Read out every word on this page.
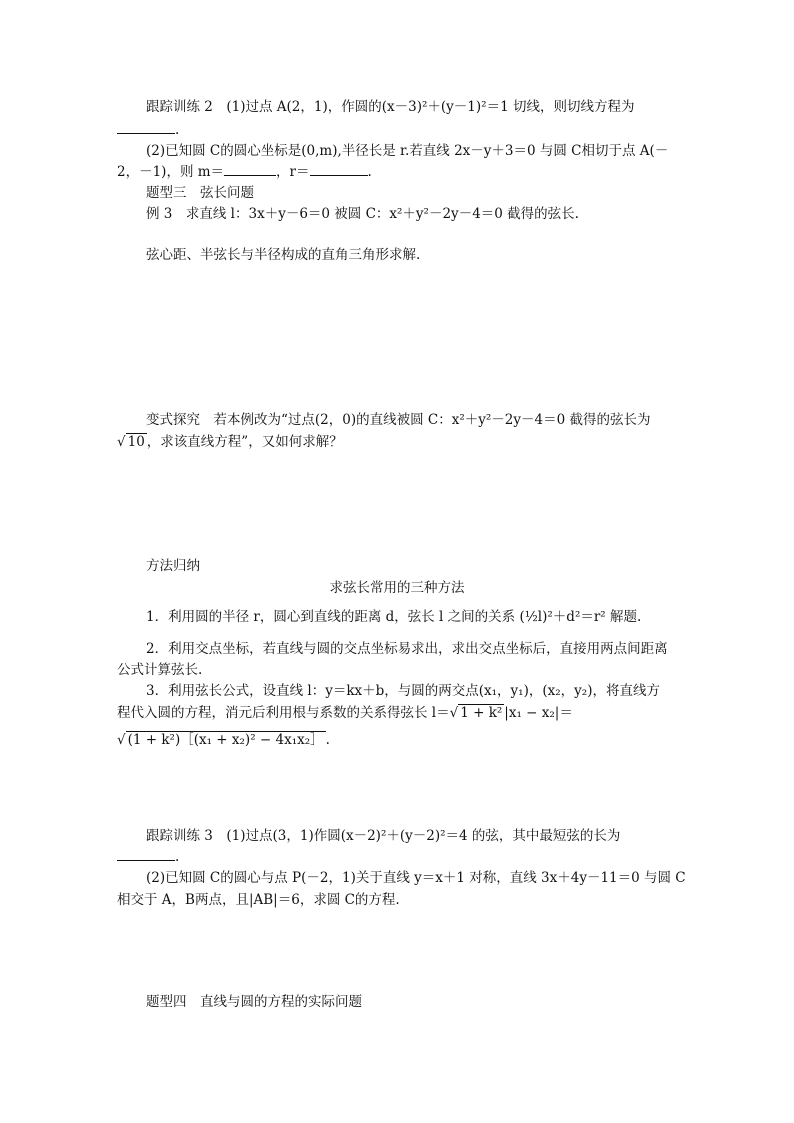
跟踪训练 2　(1)过点 A(2，1)，作圆的(x－3)²＋(y－1)²＝1 切线，则切线方程为
.
(2)已知圆 C的圆心坐标是(0,m),半径长是 r.若直线 2x－y＋3＝0 与圆 C相切于点 A(－
2，－1)，则 m＝	，r＝	.
题型三　弦长问题
例 3　求直线 l：3x＋y－6＝0 被圆 C：x²＋y²－2y－4＝0 截得的弦长.
弦心距、半弦长与半径构成的直角三角形求解.
变式探究　若本例改为“过点(2，0)的直线被圆 C：x²＋y²－2y－4＝0 截得的弦长为
√ 10 ，求该直线方程”，又如何求解？
方法归纳
求弦长常用的三种方法
1．利用圆的半径 r，圆心到直线的距离 d，弦长 l 之间的关系 (½l)²＋d²＝r² 解题.
2．利用交点坐标，若直线与圆的交点坐标易求出，求出交点坐标后，直接用两点间距离
公式计算弦长.
3．利用弦长公式，设直线 l：y＝kx＋b，与圆的两交点(x₁，y₁)，(x₂，y₂)，将直线方
程代入圆的方程，消元后利用根与系数的关系得弦长 l＝√ 1 + k² |x₁ − x₂|＝
√ (1 + k²)［(x₁ + x₂)² − 4x₁x₂］ .
跟踪训练 3　(1)过点(3，1)作圆(x－2)²＋(y－2)²＝4 的弦，其中最短弦的长为
.
(2)已知圆 C的圆心与点 P(－2，1)关于直线 y＝x＋1 对称，直线 3x＋4y－11＝0 与圆 C
相交于 A，B两点，且|AB|＝6，求圆 C的方程.
题型四　直线与圆的方程的实际问题
